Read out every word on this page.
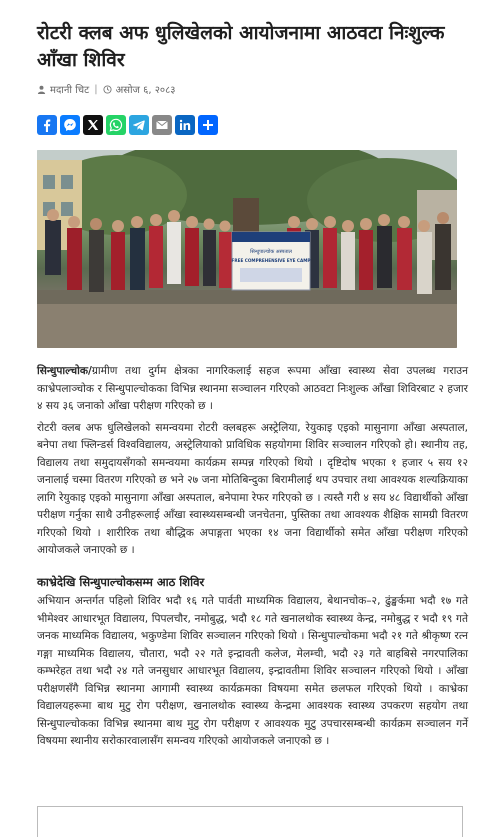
रोटरी क्लब अफ धुलिखेलको आयोजनामा आठवटा निःशुल्क आँखा शिविर
मदानी चिट | असोज ६, २०८३
सिन्धुपाल्चोक अस्पताल
FREE COMPREHENSIVE EYE CAMP

सिन्धुपाल्चोक/ग्रामीण तथा दुर्गम क्षेत्रका नागरिकलाई सहज रूपमा आँखा स्वास्थ्य सेवा उपलब्ध गराउन काभ्रेपलाञ्चोक र सिन्धुपाल्चोकका विभिन्न स्थानमा सञ्चालन गरिएको आठवटा निःशुल्क आँखा शिविरबाट २ हजार ४ सय ३६ जनाको आँखा परीक्षण गरिएको छ ।

रोटरी क्लब अफ धुलिखेलको समन्वयमा रोटरी क्लबहरू अस्ट्रेलिया, रेयुकाइ एइको मासुनागा आँखा अस्पताल, बनेपा तथा फ्लिन्डर्स विश्वविद्यालय, अस्ट्रेलियाको प्राविधिक सहयोगमा शिविर सञ्चालन गरिएको हो। स्थानीय तह, विद्यालय तथा समुदायसँगको समन्वयमा कार्यक्रम सम्पन्न गरिएको थियो । दृष्टिदोष भएका १ हजार ५ सय १२ जनालाई चस्मा वितरण गरिएको छ भने २७ जना मोतिबिन्दुका बिरामीलाई थप उपचार तथा आवश्यक शल्यक्रियाका लागि रेयुकाइ एइको मासुनागा आँखा अस्पताल, बनेपामा रेफर गरिएको छ । त्यस्तै गरी ४ सय ४८ विद्यार्थीको आँखा परीक्षण गर्नुका साथै उनीहरूलाई आँखा स्वास्थ्यसम्बन्धी जनचेतना, पुस्तिका तथा आवश्यक शैक्षिक सामग्री वितरण गरिएको थियो । शारीरिक तथा बौद्धिक अपाङ्गता भएका १४ जना विद्यार्थीको समेत आँखा परीक्षण गरिएको आयोजकले जनाएको छ ।

काभ्रेदेखि सिन्धुपाल्चोकसम्म आठ शिविर

अभियान अन्तर्गत पहिलो शिविर भदौ १६ गते पार्वती माध्यमिक विद्यालय, बेथानचोक–२, ढुंङ्खर्कमा भदौ १७ गते भीमेश्वर आधारभूत विद्यालय, पिपलचौर, नमोबुद्ध, भदौ १८ गते खनालथोक स्वास्थ्य केन्द्र, नमोबुद्ध र भदौ १९ गते जनक माध्यमिक विद्यालय, भकुण्डेमा शिविर सञ्चालन गरिएको थियो । सिन्धुपाल्चोकमा भदौ २१ गते श्रीकृष्ण रत्न गङ्गा माध्यमिक विद्यालय, चौतारा, भदौ २२ गते इन्द्रावती कलेज, मेलम्ची, भदौ २३ गते बाहबिसे नगरपालिका कम्भरेहत तथा भदौ २४ गते जनसुधार आधारभूत विद्यालय, इन्द्रावतीमा शिविर सञ्चालन गरिएको थियो । आँखा परीक्षणसँगै विभिन्न स्थानमा आगामी स्वास्थ्य कार्यक्रमका विषयमा समेत छलफल गरिएको थियो । काभ्रेका विद्यालयहरूमा बाथ मुटु रोग परीक्षण, खनालथोक स्वास्थ्य केन्द्रमा आवश्यक स्वास्थ्य उपकरण सहयोग तथा सिन्धुपाल्चोकका विभिन्न स्थानमा बाथ मुटु रोग परीक्षण र आवश्यक मुटु उपचारसम्बन्धी कार्यक्रम सञ्चालन गर्ने विषयमा स्थानीय सरोकारवालासँग समन्वय गरिएको आयोजकले जनाएको छ ।
